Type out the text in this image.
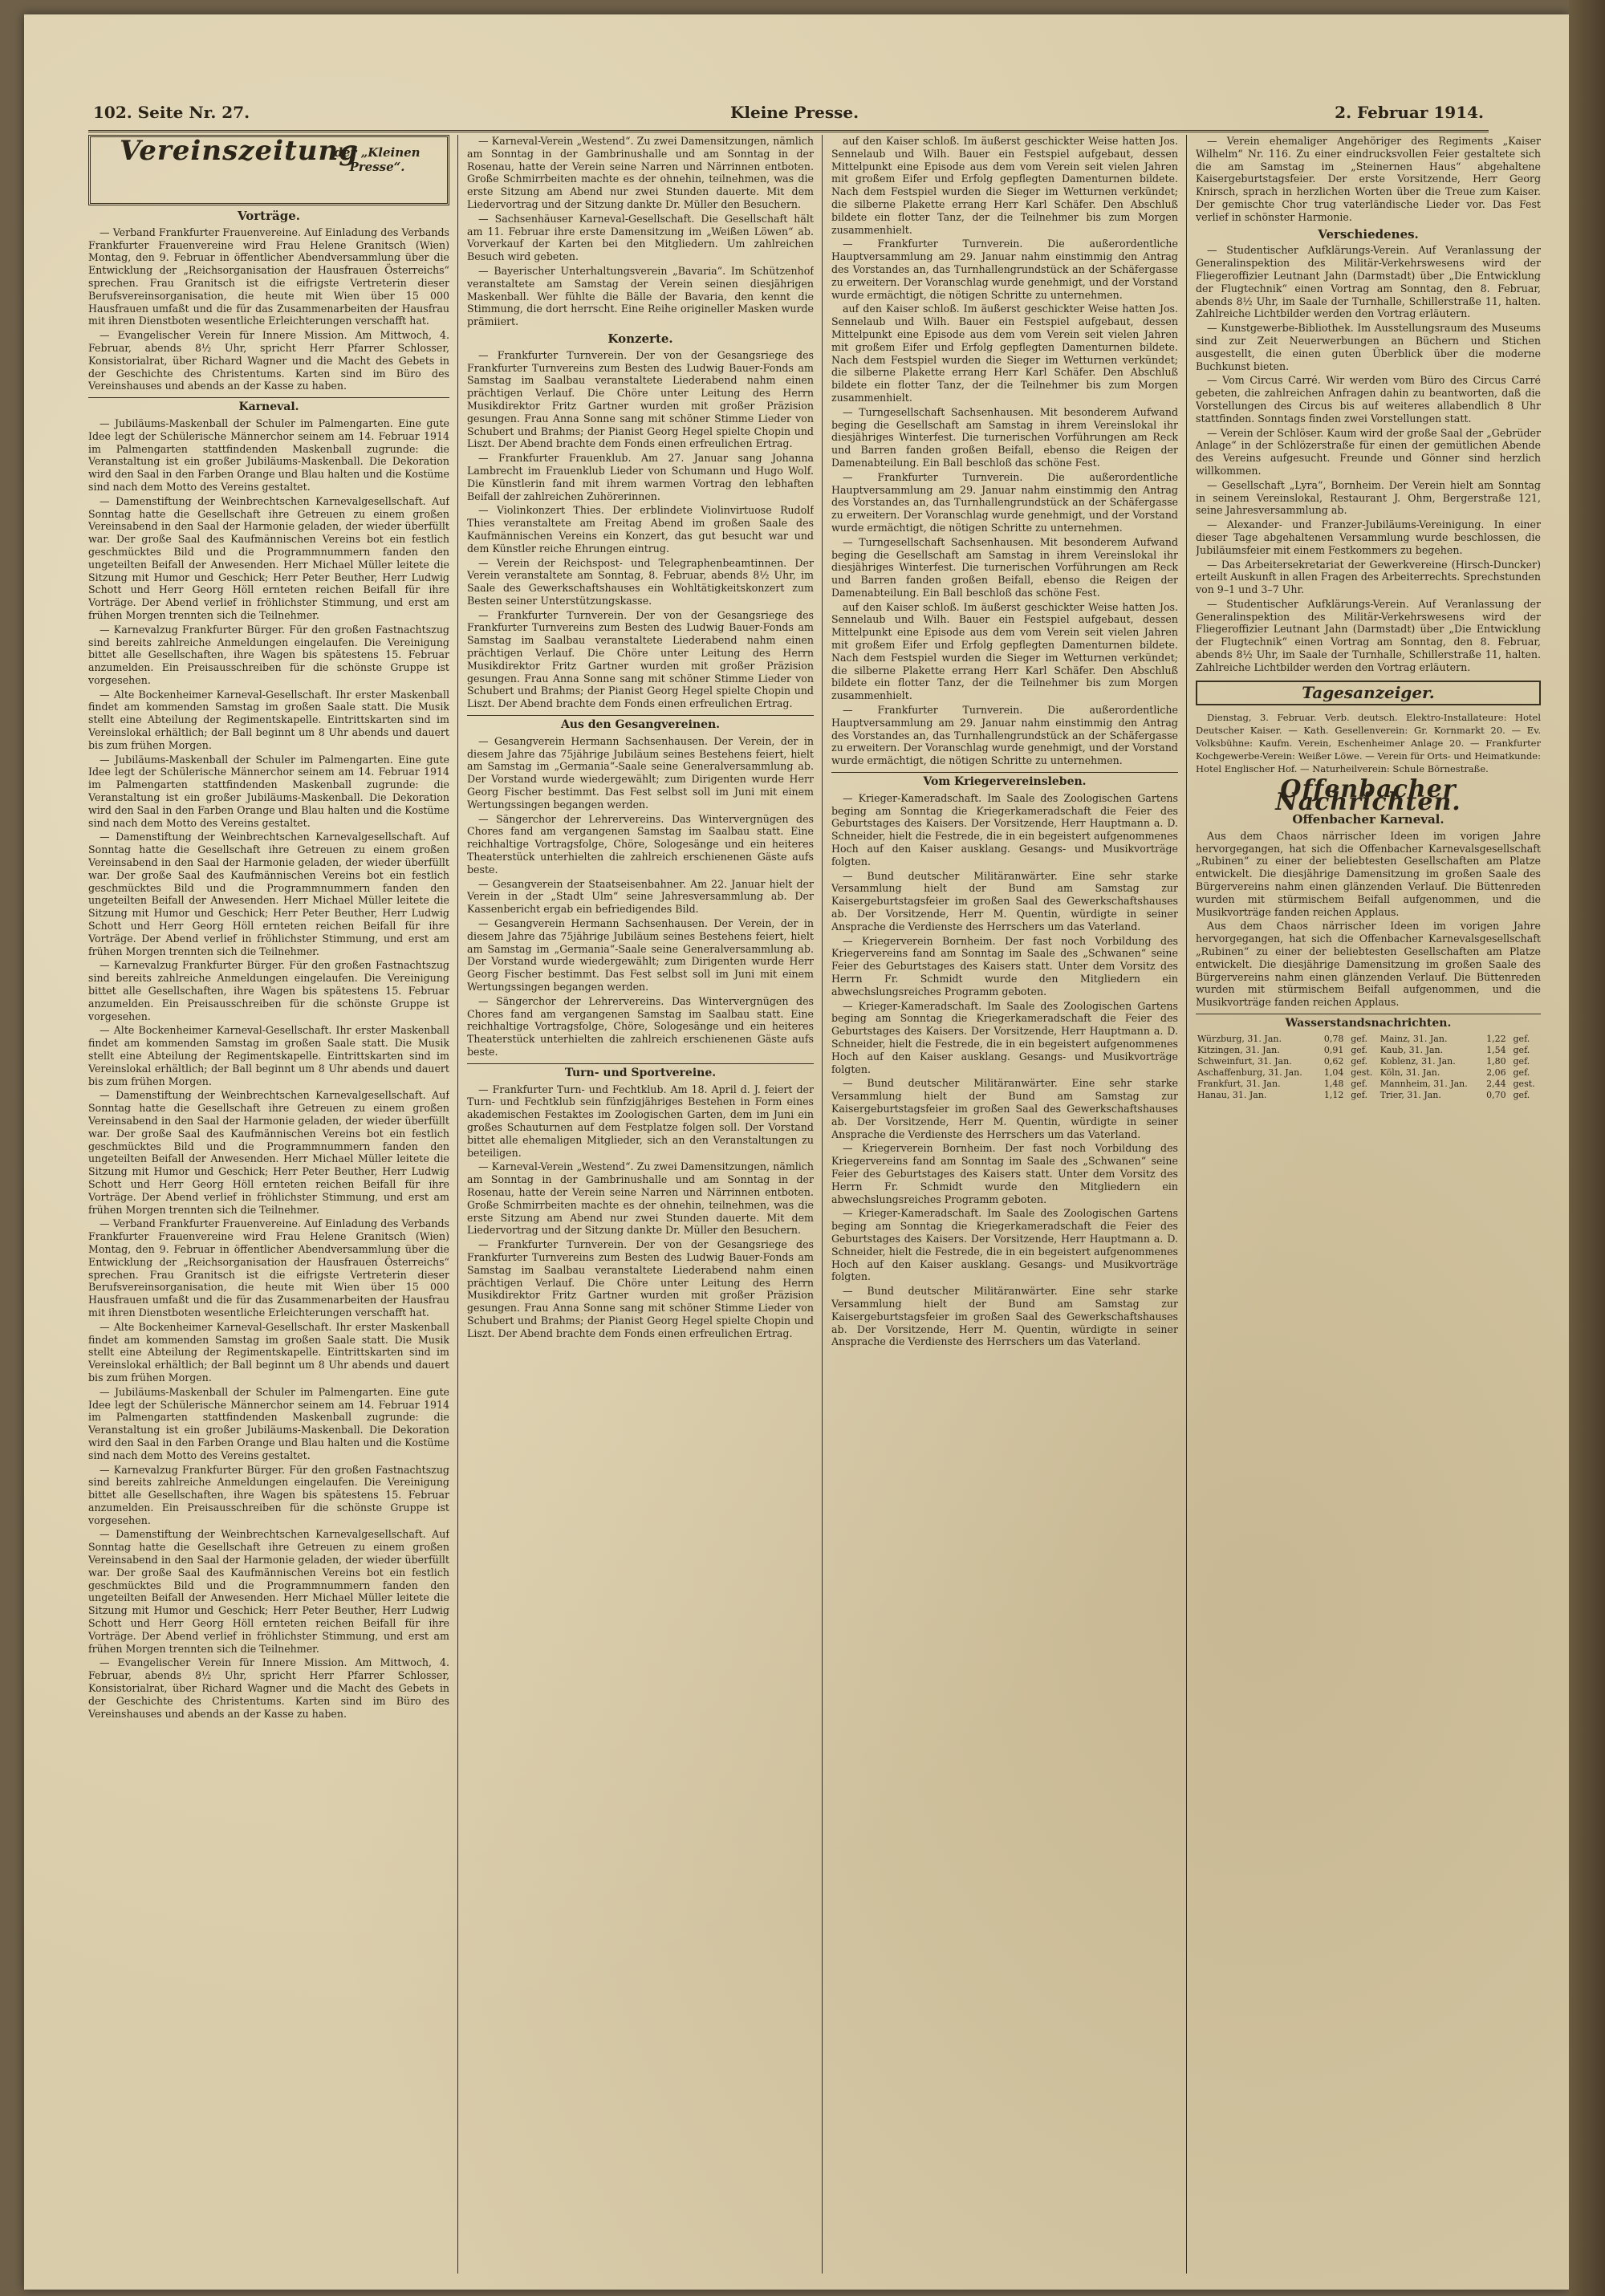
102. Seite Nr. 27.	Kleine Presse.	2. Februar 1914.
Vereinszeitung
der „Kleinen
Presse“.
Vorträge.

— Verband Frankfurter Frauenvereine. Auf Einladung des Verbands Frankfurter Frauenvereine wird Frau Helene Granitsch (Wien) Montag, den 9. Februar in öffentlicher Abendversammlung über die Entwicklung der „Reichsorganisation der Hausfrauen Österreichs“ sprechen. Frau Granitsch ist die eifrigste Vertreterin dieser Berufsvereinsorganisation, die heute mit Wien über 15 000 Hausfrauen umfaßt und die für das Zusammenarbeiten der Hausfrau mit ihren Dienstboten wesentliche Erleichterungen verschafft hat.

— Evangelischer Verein für Innere Mission. Am Mittwoch, 4. Februar, abends 8½ Uhr, spricht Herr Pfarrer Schlosser, Konsistorialrat, über Richard Wagner und die Macht des Gebets in der Geschichte des Christentums. Karten sind im Büro des Vereinshauses und abends an der Kasse zu haben.

Karneval.

— Jubiläums-Maskenball der Schuler im Palmengarten. Eine gute Idee legt der Schülerische Männerchor seinem am 14. Februar 1914 im Palmengarten stattfindenden Maskenball zugrunde: die Veranstaltung ist ein großer Jubiläums-Maskenball. Die Dekoration wird den Saal in den Farben Orange und Blau halten und die Kostüme sind nach dem Motto des Vereins gestaltet.

— Damenstiftung der Weinbrechtschen Karnevalgesellschaft. Auf Sonntag hatte die Gesellschaft ihre Getreuen zu einem großen Vereinsabend in den Saal der Harmonie geladen, der wieder überfüllt war. Der große Saal des Kaufmännischen Vereins bot ein festlich geschmücktes Bild und die Programmnummern fanden den ungeteilten Beifall der Anwesenden. Herr Michael Müller leitete die Sitzung mit Humor und Geschick; Herr Peter Beuther, Herr Ludwig Schott und Herr Georg Höll ernteten reichen Beifall für ihre Vorträge. Der Abend verlief in fröhlichster Stimmung, und erst am frühen Morgen trennten sich die Teilnehmer.

— Karnevalzug Frankfurter Bürger. Für den großen Fastnachtszug sind bereits zahlreiche Anmeldungen eingelaufen. Die Vereinigung bittet alle Gesellschaften, ihre Wagen bis spätestens 15. Februar anzumelden. Ein Preisausschreiben für die schönste Gruppe ist vorgesehen.

— Alte Bockenheimer Karneval-Gesellschaft. Ihr erster Maskenball findet am kommenden Samstag im großen Saale statt. Die Musik stellt eine Abteilung der Regimentskapelle. Eintrittskarten sind im Vereinslokal erhältlich; der Ball beginnt um 8 Uhr abends und dauert bis zum frühen Morgen.

— Jubiläums-Maskenball der Schuler im Palmengarten. Eine gute Idee legt der Schülerische Männerchor seinem am 14. Februar 1914 im Palmengarten stattfindenden Maskenball zugrunde: die Veranstaltung ist ein großer Jubiläums-Maskenball. Die Dekoration wird den Saal in den Farben Orange und Blau halten und die Kostüme sind nach dem Motto des Vereins gestaltet.

— Damenstiftung der Weinbrechtschen Karnevalgesellschaft. Auf Sonntag hatte die Gesellschaft ihre Getreuen zu einem großen Vereinsabend in den Saal der Harmonie geladen, der wieder überfüllt war. Der große Saal des Kaufmännischen Vereins bot ein festlich geschmücktes Bild und die Programmnummern fanden den ungeteilten Beifall der Anwesenden. Herr Michael Müller leitete die Sitzung mit Humor und Geschick; Herr Peter Beuther, Herr Ludwig Schott und Herr Georg Höll ernteten reichen Beifall für ihre Vorträge. Der Abend verlief in fröhlichster Stimmung, und erst am frühen Morgen trennten sich die Teilnehmer.

— Karnevalzug Frankfurter Bürger. Für den großen Fastnachtszug sind bereits zahlreiche Anmeldungen eingelaufen. Die Vereinigung bittet alle Gesellschaften, ihre Wagen bis spätestens 15. Februar anzumelden. Ein Preisausschreiben für die schönste Gruppe ist vorgesehen.

— Alte Bockenheimer Karneval-Gesellschaft. Ihr erster Maskenball findet am kommenden Samstag im großen Saale statt. Die Musik stellt eine Abteilung der Regimentskapelle. Eintrittskarten sind im Vereinslokal erhältlich; der Ball beginnt um 8 Uhr abends und dauert bis zum frühen Morgen.

— Damenstiftung der Weinbrechtschen Karnevalgesellschaft. Auf Sonntag hatte die Gesellschaft ihre Getreuen zu einem großen Vereinsabend in den Saal der Harmonie geladen, der wieder überfüllt war. Der große Saal des Kaufmännischen Vereins bot ein festlich geschmücktes Bild und die Programmnummern fanden den ungeteilten Beifall der Anwesenden. Herr Michael Müller leitete die Sitzung mit Humor und Geschick; Herr Peter Beuther, Herr Ludwig Schott und Herr Georg Höll ernteten reichen Beifall für ihre Vorträge. Der Abend verlief in fröhlichster Stimmung, und erst am frühen Morgen trennten sich die Teilnehmer.

— Verband Frankfurter Frauenvereine. Auf Einladung des Verbands Frankfurter Frauenvereine wird Frau Helene Granitsch (Wien) Montag, den 9. Februar in öffentlicher Abendversammlung über die Entwicklung der „Reichsorganisation der Hausfrauen Österreichs“ sprechen. Frau Granitsch ist die eifrigste Vertreterin dieser Berufsvereinsorganisation, die heute mit Wien über 15 000 Hausfrauen umfaßt und die für das Zusammenarbeiten der Hausfrau mit ihren Dienstboten wesentliche Erleichterungen verschafft hat.

— Alte Bockenheimer Karneval-Gesellschaft. Ihr erster Maskenball findet am kommenden Samstag im großen Saale statt. Die Musik stellt eine Abteilung der Regimentskapelle. Eintrittskarten sind im Vereinslokal erhältlich; der Ball beginnt um 8 Uhr abends und dauert bis zum frühen Morgen.

— Jubiläums-Maskenball der Schuler im Palmengarten. Eine gute Idee legt der Schülerische Männerchor seinem am 14. Februar 1914 im Palmengarten stattfindenden Maskenball zugrunde: die Veranstaltung ist ein großer Jubiläums-Maskenball. Die Dekoration wird den Saal in den Farben Orange und Blau halten und die Kostüme sind nach dem Motto des Vereins gestaltet.

— Karnevalzug Frankfurter Bürger. Für den großen Fastnachtszug sind bereits zahlreiche Anmeldungen eingelaufen. Die Vereinigung bittet alle Gesellschaften, ihre Wagen bis spätestens 15. Februar anzumelden. Ein Preisausschreiben für die schönste Gruppe ist vorgesehen.

— Damenstiftung der Weinbrechtschen Karnevalgesellschaft. Auf Sonntag hatte die Gesellschaft ihre Getreuen zu einem großen Vereinsabend in den Saal der Harmonie geladen, der wieder überfüllt war. Der große Saal des Kaufmännischen Vereins bot ein festlich geschmücktes Bild und die Programmnummern fanden den ungeteilten Beifall der Anwesenden. Herr Michael Müller leitete die Sitzung mit Humor und Geschick; Herr Peter Beuther, Herr Ludwig Schott und Herr Georg Höll ernteten reichen Beifall für ihre Vorträge. Der Abend verlief in fröhlichster Stimmung, und erst am frühen Morgen trennten sich die Teilnehmer.

— Evangelischer Verein für Innere Mission. Am Mittwoch, 4. Februar, abends 8½ Uhr, spricht Herr Pfarrer Schlosser, Konsistorialrat, über Richard Wagner und die Macht des Gebets in der Geschichte des Christentums. Karten sind im Büro des Vereinshauses und abends an der Kasse zu haben.

— Karneval-Verein „Westend“. Zu zwei Damensitzungen, nämlich am Sonntag in der Gambrinushalle und am Sonntag in der Rosenau, hatte der Verein seine Narren und Närrinnen entboten. Große Schmirrbeiten machte es der ohnehin, teilnehmen, was die erste Sitzung am Abend nur zwei Stunden dauerte. Mit dem Liedervortrag und der Sitzung dankte Dr. Müller den Besuchern.

— Sachsenhäuser Karneval-Gesellschaft. Die Gesellschaft hält am 11. Februar ihre erste Damensitzung im „Weißen Löwen“ ab. Vorverkauf der Karten bei den Mitgliedern. Um zahlreichen Besuch wird gebeten.

— Bayerischer Unterhaltungsverein „Bavaria“. Im Schützenhof veranstaltete am Samstag der Verein seinen diesjährigen Maskenball. Wer fühlte die Bälle der Bavaria, den kennt die Stimmung, die dort herrscht. Eine Reihe origineller Masken wurde prämiiert.

Konzerte.

— Frankfurter Turnverein. Der von der Gesangsriege des Frankfurter Turnvereins zum Besten des Ludwig Bauer-Fonds am Samstag im Saalbau veranstaltete Liederabend nahm einen prächtigen Verlauf. Die Chöre unter Leitung des Herrn Musikdirektor Fritz Gartner wurden mit großer Präzision gesungen. Frau Anna Sonne sang mit schöner Stimme Lieder von Schubert und Brahms; der Pianist Georg Hegel spielte Chopin und Liszt. Der Abend brachte dem Fonds einen erfreulichen Ertrag.

— Frankfurter Frauenklub. Am 27. Januar sang Johanna Lambrecht im Frauenklub Lieder von Schumann und Hugo Wolf. Die Künstlerin fand mit ihrem warmen Vortrag den lebhaften Beifall der zahlreichen Zuhörerinnen.

— Violinkonzert Thies. Der erblindete Violinvirtuose Rudolf Thies veranstaltete am Freitag Abend im großen Saale des Kaufmännischen Vereins ein Konzert, das gut besucht war und dem Künstler reiche Ehrungen eintrug.

— Verein der Reichspost- und Telegraphenbeamtinnen. Der Verein veranstaltete am Sonntag, 8. Februar, abends 8½ Uhr, im Saale des Gewerkschaftshauses ein Wohltätigkeitskonzert zum Besten seiner Unterstützungskasse.

— Frankfurter Turnverein. Der von der Gesangsriege des Frankfurter Turnvereins zum Besten des Ludwig Bauer-Fonds am Samstag im Saalbau veranstaltete Liederabend nahm einen prächtigen Verlauf. Die Chöre unter Leitung des Herrn Musikdirektor Fritz Gartner wurden mit großer Präzision gesungen. Frau Anna Sonne sang mit schöner Stimme Lieder von Schubert und Brahms; der Pianist Georg Hegel spielte Chopin und Liszt. Der Abend brachte dem Fonds einen erfreulichen Ertrag.

Aus den Gesangvereinen.

— Gesangverein Hermann Sachsenhausen. Der Verein, der in diesem Jahre das 75jährige Jubiläum seines Bestehens feiert, hielt am Samstag im „Germania“-Saale seine Generalversammlung ab. Der Vorstand wurde wiedergewählt; zum Dirigenten wurde Herr Georg Fischer bestimmt. Das Fest selbst soll im Juni mit einem Wertungssingen begangen werden.

— Sängerchor der Lehrervereins. Das Wintervergnügen des Chores fand am vergangenen Samstag im Saalbau statt. Eine reichhaltige Vortragsfolge, Chöre, Sologesänge und ein heiteres Theaterstück unterhielten die zahlreich erschienenen Gäste aufs beste.

— Gesangverein der Staatseisenbahner. Am 22. Januar hielt der Verein in der „Stadt Ulm“ seine Jahresversammlung ab. Der Kassenbericht ergab ein befriedigendes Bild.

— Gesangverein Hermann Sachsenhausen. Der Verein, der in diesem Jahre das 75jährige Jubiläum seines Bestehens feiert, hielt am Samstag im „Germania“-Saale seine Generalversammlung ab. Der Vorstand wurde wiedergewählt; zum Dirigenten wurde Herr Georg Fischer bestimmt. Das Fest selbst soll im Juni mit einem Wertungssingen begangen werden.

— Sängerchor der Lehrervereins. Das Wintervergnügen des Chores fand am vergangenen Samstag im Saalbau statt. Eine reichhaltige Vortragsfolge, Chöre, Sologesänge und ein heiteres Theaterstück unterhielten die zahlreich erschienenen Gäste aufs beste.

Turn- und Sportvereine.

— Frankfurter Turn- und Fechtklub. Am 18. April d. J. feiert der Turn- und Fechtklub sein fünfzigjähriges Bestehen in Form eines akademischen Festaktes im Zoologischen Garten, dem im Juni ein großes Schauturnen auf dem Festplatze folgen soll. Der Vorstand bittet alle ehemaligen Mitglieder, sich an den Veranstaltungen zu beteiligen.

— Karneval-Verein „Westend“. Zu zwei Damensitzungen, nämlich am Sonntag in der Gambrinushalle und am Sonntag in der Rosenau, hatte der Verein seine Narren und Närrinnen entboten. Große Schmirrbeiten machte es der ohnehin, teilnehmen, was die erste Sitzung am Abend nur zwei Stunden dauerte. Mit dem Liedervortrag und der Sitzung dankte Dr. Müller den Besuchern.

— Frankfurter Turnverein. Der von der Gesangsriege des Frankfurter Turnvereins zum Besten des Ludwig Bauer-Fonds am Samstag im Saalbau veranstaltete Liederabend nahm einen prächtigen Verlauf. Die Chöre unter Leitung des Herrn Musikdirektor Fritz Gartner wurden mit großer Präzision gesungen. Frau Anna Sonne sang mit schöner Stimme Lieder von Schubert und Brahms; der Pianist Georg Hegel spielte Chopin und Liszt. Der Abend brachte dem Fonds einen erfreulichen Ertrag.

auf den Kaiser schloß. Im äußerst geschickter Weise hatten Jos. Sennelaub und Wilh. Bauer ein Festspiel aufgebaut, dessen Mittelpunkt eine Episode aus dem vom Verein seit vielen Jahren mit großem Eifer und Erfolg gepflegten Damenturnen bildete. Nach dem Festspiel wurden die Sieger im Wetturnen verkündet; die silberne Plakette errang Herr Karl Schäfer. Den Abschluß bildete ein flotter Tanz, der die Teilnehmer bis zum Morgen zusammenhielt.

— Frankfurter Turnverein. Die außerordentliche Hauptversammlung am 29. Januar nahm einstimmig den Antrag des Vorstandes an, das Turnhallengrundstück an der Schäfergasse zu erweitern. Der Voranschlag wurde genehmigt, und der Vorstand wurde ermächtigt, die nötigen Schritte zu unternehmen.

auf den Kaiser schloß. Im äußerst geschickter Weise hatten Jos. Sennelaub und Wilh. Bauer ein Festspiel aufgebaut, dessen Mittelpunkt eine Episode aus dem vom Verein seit vielen Jahren mit großem Eifer und Erfolg gepflegten Damenturnen bildete. Nach dem Festspiel wurden die Sieger im Wetturnen verkündet; die silberne Plakette errang Herr Karl Schäfer. Den Abschluß bildete ein flotter Tanz, der die Teilnehmer bis zum Morgen zusammenhielt.

— Turngesellschaft Sachsenhausen. Mit besonderem Aufwand beging die Gesellschaft am Samstag in ihrem Vereinslokal ihr diesjähriges Winterfest. Die turnerischen Vorführungen am Reck und Barren fanden großen Beifall, ebenso die Reigen der Damenabteilung. Ein Ball beschloß das schöne Fest.

— Frankfurter Turnverein. Die außerordentliche Hauptversammlung am 29. Januar nahm einstimmig den Antrag des Vorstandes an, das Turnhallengrundstück an der Schäfergasse zu erweitern. Der Voranschlag wurde genehmigt, und der Vorstand wurde ermächtigt, die nötigen Schritte zu unternehmen.

— Turngesellschaft Sachsenhausen. Mit besonderem Aufwand beging die Gesellschaft am Samstag in ihrem Vereinslokal ihr diesjähriges Winterfest. Die turnerischen Vorführungen am Reck und Barren fanden großen Beifall, ebenso die Reigen der Damenabteilung. Ein Ball beschloß das schöne Fest.

auf den Kaiser schloß. Im äußerst geschickter Weise hatten Jos. Sennelaub und Wilh. Bauer ein Festspiel aufgebaut, dessen Mittelpunkt eine Episode aus dem vom Verein seit vielen Jahren mit großem Eifer und Erfolg gepflegten Damenturnen bildete. Nach dem Festspiel wurden die Sieger im Wetturnen verkündet; die silberne Plakette errang Herr Karl Schäfer. Den Abschluß bildete ein flotter Tanz, der die Teilnehmer bis zum Morgen zusammenhielt.

— Frankfurter Turnverein. Die außerordentliche Hauptversammlung am 29. Januar nahm einstimmig den Antrag des Vorstandes an, das Turnhallengrundstück an der Schäfergasse zu erweitern. Der Voranschlag wurde genehmigt, und der Vorstand wurde ermächtigt, die nötigen Schritte zu unternehmen.

Vom Kriegervereinsleben.

— Krieger-Kameradschaft. Im Saale des Zoologischen Gartens beging am Sonntag die Kriegerkameradschaft die Feier des Geburtstages des Kaisers. Der Vorsitzende, Herr Hauptmann a. D. Schneider, hielt die Festrede, die in ein begeistert aufgenommenes Hoch auf den Kaiser ausklang. Gesangs- und Musikvorträge folgten.

— Bund deutscher Militäranwärter. Eine sehr starke Versammlung hielt der Bund am Samstag zur Kaisergeburtstagsfeier im großen Saal des Gewerkschaftshauses ab. Der Vorsitzende, Herr M. Quentin, würdigte in seiner Ansprache die Verdienste des Herrschers um das Vaterland.

— Kriegerverein Bornheim. Der fast noch Vorbildung des Kriegervereins fand am Sonntag im Saale des „Schwanen“ seine Feier des Geburtstages des Kaisers statt. Unter dem Vorsitz des Herrn Fr. Schmidt wurde den Mitgliedern ein abwechslungsreiches Programm geboten.

— Krieger-Kameradschaft. Im Saale des Zoologischen Gartens beging am Sonntag die Kriegerkameradschaft die Feier des Geburtstages des Kaisers. Der Vorsitzende, Herr Hauptmann a. D. Schneider, hielt die Festrede, die in ein begeistert aufgenommenes Hoch auf den Kaiser ausklang. Gesangs- und Musikvorträge folgten.

— Bund deutscher Militäranwärter. Eine sehr starke Versammlung hielt der Bund am Samstag zur Kaisergeburtstagsfeier im großen Saal des Gewerkschaftshauses ab. Der Vorsitzende, Herr M. Quentin, würdigte in seiner Ansprache die Verdienste des Herrschers um das Vaterland.

— Kriegerverein Bornheim. Der fast noch Vorbildung des Kriegervereins fand am Sonntag im Saale des „Schwanen“ seine Feier des Geburtstages des Kaisers statt. Unter dem Vorsitz des Herrn Fr. Schmidt wurde den Mitgliedern ein abwechslungsreiches Programm geboten.

— Krieger-Kameradschaft. Im Saale des Zoologischen Gartens beging am Sonntag die Kriegerkameradschaft die Feier des Geburtstages des Kaisers. Der Vorsitzende, Herr Hauptmann a. D. Schneider, hielt die Festrede, die in ein begeistert aufgenommenes Hoch auf den Kaiser ausklang. Gesangs- und Musikvorträge folgten.

— Bund deutscher Militäranwärter. Eine sehr starke Versammlung hielt der Bund am Samstag zur Kaisergeburtstagsfeier im großen Saal des Gewerkschaftshauses ab. Der Vorsitzende, Herr M. Quentin, würdigte in seiner Ansprache die Verdienste des Herrschers um das Vaterland.

— Verein ehemaliger Angehöriger des Regiments „Kaiser Wilhelm“ Nr. 116. Zu einer eindrucksvollen Feier gestaltete sich die am Samstag im „Steinernen Haus“ abgehaltene Kaisergeburtstagsfeier. Der erste Vorsitzende, Herr Georg Knirsch, sprach in herzlichen Worten über die Treue zum Kaiser. Der gemischte Chor trug vaterländische Lieder vor. Das Fest verlief in schönster Harmonie.

Verschiedenes.

— Studentischer Aufklärungs-Verein. Auf Veranlassung der Generalinspektion des Militär-Verkehrswesens wird der Fliegeroffizier Leutnant Jahn (Darmstadt) über „Die Entwicklung der Flugtechnik“ einen Vortrag am Sonntag, den 8. Februar, abends 8½ Uhr, im Saale der Turnhalle, Schillerstraße 11, halten. Zahlreiche Lichtbilder werden den Vortrag erläutern.

— Kunstgewerbe-Bibliothek. Im Ausstellungsraum des Museums sind zur Zeit Neuerwerbungen an Büchern und Stichen ausgestellt, die einen guten Überblick über die moderne Buchkunst bieten.

— Vom Circus Carré. Wir werden vom Büro des Circus Carré gebeten, die zahlreichen Anfragen dahin zu beantworten, daß die Vorstellungen des Circus bis auf weiteres allabendlich 8 Uhr stattfinden. Sonntags finden zwei Vorstellungen statt.

— Verein der Schlöser. Kaum wird der große Saal der „Gebrüder Anlage“ in der Schlözerstraße für einen der gemütlichen Abende des Vereins aufgesucht. Freunde und Gönner sind herzlich willkommen.

— Gesellschaft „Lyra“, Bornheim. Der Verein hielt am Sonntag in seinem Vereinslokal, Restaurant J. Ohm, Bergerstraße 121, seine Jahresversammlung ab.

— Alexander- und Franzer-Jubiläums-Vereinigung. In einer dieser Tage abgehaltenen Versammlung wurde beschlossen, die Jubiläumsfeier mit einem Festkommers zu begehen.

— Das Arbeitersekretariat der Gewerkvereine (Hirsch-Duncker) erteilt Auskunft in allen Fragen des Arbeiterrechts. Sprechstunden von 9–1 und 3–7 Uhr.

— Studentischer Aufklärungs-Verein. Auf Veranlassung der Generalinspektion des Militär-Verkehrswesens wird der Fliegeroffizier Leutnant Jahn (Darmstadt) über „Die Entwicklung der Flugtechnik“ einen Vortrag am Sonntag, den 8. Februar, abends 8½ Uhr, im Saale der Turnhalle, Schillerstraße 11, halten. Zahlreiche Lichtbilder werden den Vortrag erläutern.

Tagesanzeiger.

Dienstag, 3. Februar. Verb. deutsch. Elektro-Installateure: Hotel Deutscher Kaiser. — Kath. Gesellenverein: Gr. Kornmarkt 20. — Ev. Volksbühne: Kaufm. Verein, Eschenheimer Anlage 20. — Frankfurter Kochgewerbe-Verein: Weißer Löwe. — Verein für Orts- und Heimatkunde: Hotel Englischer Hof. — Naturheilverein: Schule Börnestraße.

Offenbacher Nachrichten.
Offenbacher Karneval.

Aus dem Chaos närrischer Ideen im vorigen Jahre hervorgegangen, hat sich die Offenbacher Karnevalsgesellschaft „Rubinen“ zu einer der beliebtesten Gesellschaften am Platze entwickelt. Die diesjährige Damensitzung im großen Saale des Bürgervereins nahm einen glänzenden Verlauf. Die Büttenreden wurden mit stürmischem Beifall aufgenommen, und die Musikvorträge fanden reichen Applaus.

Aus dem Chaos närrischer Ideen im vorigen Jahre hervorgegangen, hat sich die Offenbacher Karnevalsgesellschaft „Rubinen“ zu einer der beliebtesten Gesellschaften am Platze entwickelt. Die diesjährige Damensitzung im großen Saale des Bürgervereins nahm einen glänzenden Verlauf. Die Büttenreden wurden mit stürmischem Beifall aufgenommen, und die Musikvorträge fanden reichen Applaus.

Wasserstandsnachrichten.
Würzburg, 31. Jan.	0,78	gef.	Mainz, 31. Jan.	1,22	gef.
Kitzingen, 31. Jan.	0,91	gef.	Kaub, 31. Jan.	1,54	gef.
Schweinfurt, 31. Jan.	0,62	gef.	Koblenz, 31. Jan.	1,80	gef.
Aschaffenburg, 31. Jan.	1,04	gest.	Köln, 31. Jan.	2,06	gef.
Frankfurt, 31. Jan.	1,48	gef.	Mannheim, 31. Jan.	2,44	gest.
Hanau, 31. Jan.	1,12	gef.	Trier, 31. Jan.	0,70	gef.
